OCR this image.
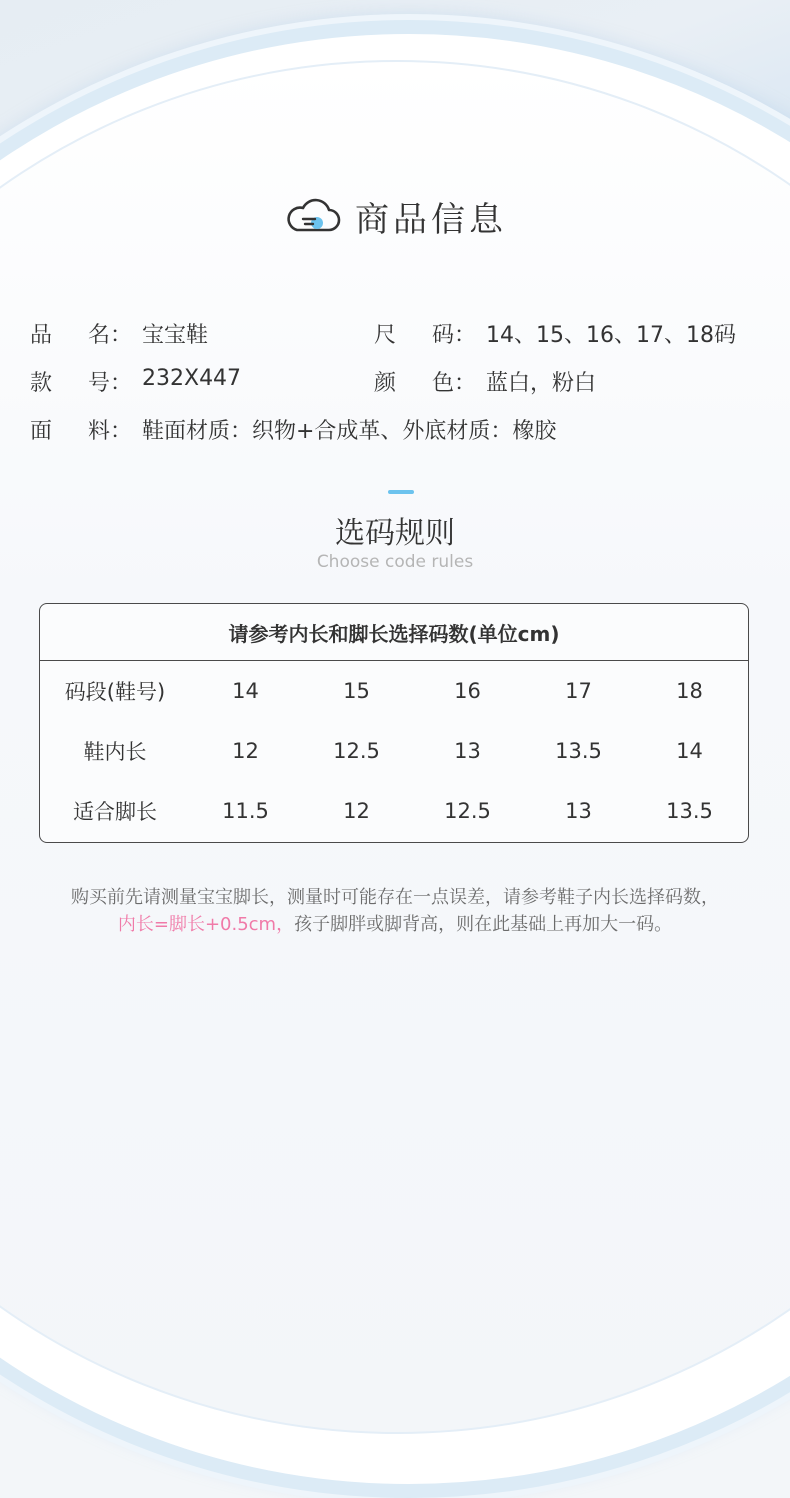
商品信息
品 名： 宝宝鞋	尺 码： 14、15、16、17、18码
款 号： 232X447	颜 色： 蓝白，粉白
面 料： 鞋面材质：织物+合成革、外底材质：橡胶
选码规则
Choose code rules
请参考内长和脚长选择码数(单位cm)
码段(鞋号)	14	15	16	17	18
鞋内长	12	12.5	13	13.5	14
适合脚长	11.5	12	12.5	13	13.5
购买前先请测量宝宝脚长，测量时可能存在一点误差，请参考鞋子内长选择码数，
内长=脚长+0.5cm，孩子脚胖或脚背高，则在此基础上再加大一码。
